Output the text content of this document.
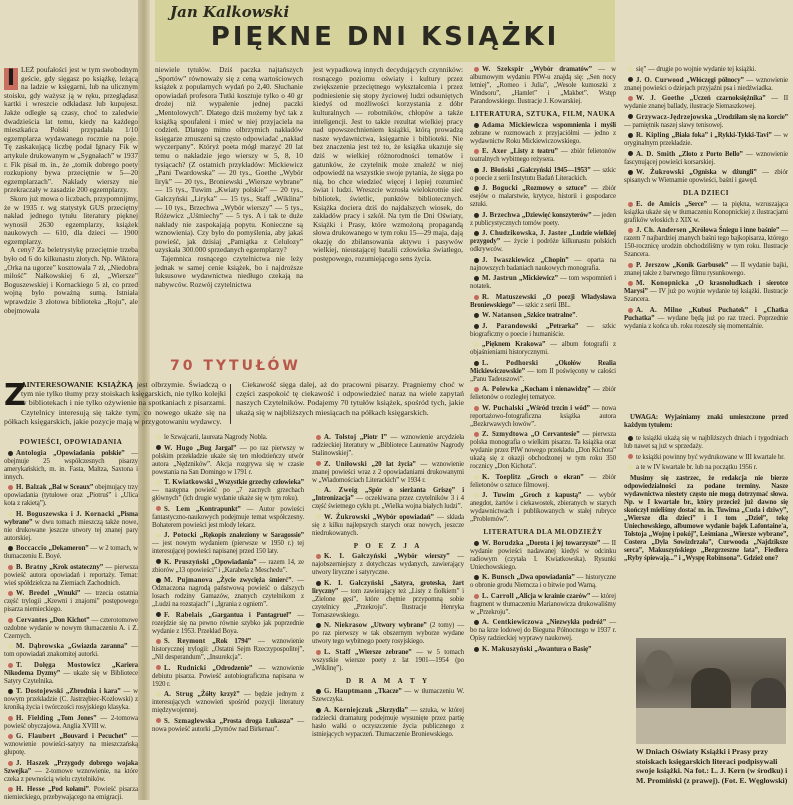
Jan Kalkowski
PIĘKNE DNI KSIĄŻKI
I LEŻ poufałości jest w tym swobodnym geście, gdy sięgasz po książkę, leżącą na ladzie w księgarni, lub na ulicznym stoisku, gdy ważysz ją w ręku, przeglądasz kartki i wreszcie odkładasz lub kupujesz. Jakże odległe są czasy, choć to zaledwie dwadzieścia lat temu, kiedy na każdego mieszkańca Polski przypadała 1/10 egzemplarza wydawanego rocznie na poje. Tę zaskakującą liczbę podał Ignacy Fik w artykule drukowanym w „Sygnałach” w 1937 r. Fik pisał m. in., że „tomik dobrego poety rozkupiony bywa przeciętnie w 5—20 egzemplarzach”. Nakłady wierszy nie przekraczały w zasadzie 200 egzemplarzy.

Skoro już mowa o liczbach, przypomnijmy, że w 1935 r. wg statystyk GUS przeciętny nakład jednego tytułu literatury pięknej wynosił 2630 egzemplarzy, książek naukowych — 610, dla dzieci — 1900 egzemplarzy.

A ceny? Za beletrystykę przeciętnie trzeba było od 6 do kilkunastu złotych. Np. Wiktora „Orka na ugorze” kosztowała 7 zł, „Niedobra miłość” Nałkowskiej 6 zł, „Wiersze” Boguszewskiej i Kornackiego 5 zł, co przed wojną było poważną sumą. Istniała wprawdzie 3 złotowa biblioteka „Roju”, ale obejmowała

niewiele tytułów. Dziś paczka najtańszych „Sportów” równoważy się z ceną wartościowych książek z popularnych wydań po 2,40. Słuchanie opowiadań profesora Tutki kosztuje tylko o 40 gr drożej niż wypalenie jednej paczki „Mentolowych”. Dlatego dziś możemy być tak z książką spoufaleni i mieć w niej przyjaciela na codzień. Dlatego mimo olbrzymich nakładów księgarze zmuszeni są często odpowiadać „nakład wyczerpany”. Któryż poeta mógł marzyć 20 lat temu o nakładzie jego wierszy w 5, 8, 10 tysiącach? (Z ostatnich przykładów: Mickiewicz „Pani Twardowska” — 20 tys., Goethe „Wybór liryk” — 20 tys., Broniewski „Wiersze wybrane” — 15 tys., Tuwim „Kwiaty polskie” — 20 tys., Gałczyński „Liryka” — 15 tys., Staff „Wiklina” — 10 tys., Brzechwa „Wybór wierszy” — 5 tys., Różewicz „Uśmiechy” — 5 tys. A i tak te duże nakłady nie zaspokajają popytu. Konieczne są wznowienia). Czy było do pomyślenia, aby jakaś powieść, jak dzisiaj „Pamiątka z Celulozy” uzyskała 300.000 sprzedanych egzemplarzy?

Tajemnica rosnącego czytelnictwa nie leży jednak w samej cenie książek, bo i najdroższe luksusowe wydawnictwa niedługo czekają na nabywców. Rozwój czytelnictwa

jest wypadkową innych decydujących czynników: rosnącego poziomu oświaty i kultury przez zwiększenie przeciętnego wykształcenia i przez podniesienie się stopy życiowej ludzi odsuniętych kiedyś od możliwości korzystania z dóbr kulturalnych — robotników, chłopów a także inteligencji. Jest to także rezultat wielkiej pracy nad upowszechnieniem książki, którą prowadzą nasze wydawnictwa, księgarnie i biblioteki. Nie bez znaczenia jest też to, że książka ukazuje się dziś w wielkiej różnorodności tematów i gatunków, że czytelnik może znaleźć w niej odpowiedź na wszystkie swoje pytania, że sięga po nią, bo chce wiedzieć więcej i lepiej rozumieć świat i ludzi. Wreszcie wzrosła wielokrotnie sieć bibliotek, świetlic, punktów bibliotecznych. Książka dociera dziś do najdalszych wiosek, do zakładów pracy i szkół. Na tym tle Dni Oświaty, Książki i Prasy, które wzmożoną propagandą słowa drukowanego w tym roku 15—29 maja, dają okazję do zbilansowania aktywu i pasywów wielkiej, nieustającej batalii człowieka światłego, postępowego, rozumiejącego sens życia.

70 TYTUŁÓW
Z
AINTERESOWANIE KSIĄŻKĄ jest olbrzymie. Świadczą o tym nie tylko tłumy przy stoiskach księgarskich, nie tylko kolejki w bibliotekach i nie tylko ożywienie na spotkaniach z pisarzami. Czytelnicy interesują się także tym, co nowego ukaże się na półkach księgarskich, jakie pozycje mają w przygotowaniu wydawcy.

Ciekawość sięga dalej, aż do pracowni pisarzy. Pragniemy choć w części zaspokoić tę ciekawość i odpowiedzieć naraz na wiele zapytań naszych Czytelników. Podajemy 70 tytułów książek, spośród tych, jakie ukażą się w najbliższych miesiącach na półkach księgarskich.

POWIEŚCI, OPOWIADANIA
Antologia „Opowiadania polskie” — obejmuje 25 współczesnych pisarzy amerykańskich, m. in. Fasta, Maltza, Saxtona i innych.
H. Balzak „Bal w Sceaux” obejmujący trzy opowiadania (tytułowe oraz „Piotruś” i „Ulica kota z rakietą”).
H. Boguszewska i J. Kornacki „Pisma wybrane” w dwu tomach mieszczą także nowe, nie drukowane jeszcze utwory tej znanej pary autorskiej.
Boccaccio „Dekameron” — w 2 tomach, w tłumaczeniu E. Boyé.
B. Bratny „Krok ostateczny” — pierwsza powieść autora opowiadań i reportaży. Temat: wieś spółdzielcza na Ziemiach Zachodnich.
W. Bredel „Wnuki” — trzecia ostatnia część trylogii „Krewni i znajomi” postępowego pisarza niemieckiego.
Cervantes „Don Kichot” — czterotomowe ozdobne wydanie w nowym tłumaczeniu A. i Z. Czernych.
M. Dąbrowska „Gwiazda zaranna” — tom opowiadań znakomitej autorki.
T. Dołęga Mostowicz „Kariera Nikodema Dyzmy” — ukaże się w Bibliotece Satyry Czytelnika.
T. Dostojewski „Zbrodnia i kara” — w nowym przekładzie (C. Jastrzębiec-Kozłowski) z kroniką życia i twórczości rosyjskiego klasyka.
H. Fielding „Tom Jones” — 2-tomowa powieść obyczajowa. Anglia XVIII w.
G. Flaubert „Bouvard i Pecuchet” — wznowienie powieści-satyry na mieszczańską głupotę.
J. Haszek „Przygody dobrego wojaka Szwejka” — 2-tomowe wznowienie, na które czeka z pewnością wielu czytelników.
H. Hesse „Pod kołami”. Powieść pisarza niemieckiego, przebywającego na emigracji.
le Szwajcarii, laureata Nagrody Nobla.
W. Hugo „Bug Jargal” — po raz pierwszy w polskim przekładzie ukaże się ten młodzieńczy utwór autora „Nędzników”. Akcja rozgrywa się w czasie powstania na San Domingo w 1791 r.
T. Kwiatkowski „Wszystkie grzechy człowieka” — następna powieść po „7 zacnych grzechach głównych” (ich drugie wydanie ukaże się w tym roku).
S. Lem „Kontrapunkt” — Autor powieści fantastyczno-naukowych podejmuje temat współczesny. Bohaterem powieści jest młody lekarz.
J. Potocki „Rękopis znaleziony w Saragossie” — jest nowym wydaniem (pierwsze w 1950 r.) tej interesującej powieści napisanej przed 150 laty.
K. Pruszyński „Opowiadania” — razem 14, ze zbiorów „13 opowieści” i „Karabela z Meschedu”.
M. Pujmanova „Życie zwycięża śmierć”. — Odznaczona nagrodą państwową powieść o dalszych losach rodziny Gamazów, znanych czytelnikom z „Ludzi na rozstajach” i „Igrania z ogniem”.
F. Rabelais „Gargantua i Pantagruel” — rozejdzie się na pewno równie szybko jak poprzednie wydanie z 1953. Przekład Boya.
S. Reymont „Rok 1794” — wznowienie historycznej trylogii: „Ostatni Sejm Rzeczypospolitej”, „Nil desperandum”, „Insurekcja”.
L. Rudnicki „Odrodzenie” — wznowienie debiutu pisarza. Powieść autobiograficzna napisana w 1920 r.
A. Strug „Żółty krzyż” — będzie jednym z interesujących wznowień spośród pozycji literatury międzywojennej.
S. Szmaglewska „Prosta droga Łukasza” — nowa powieść autorki „Dymów nad Birkenau”.
A. Tołstoj „Piotr I” — wznowienie arcydzieła radzieckiej literatury w „Bibliotece Laureatów Nagrody Stalinowskiej”.
Z. Uniłowski „20 lat życia” — wznowienie znanej powieści wraz z 2 opowiadaniami drukowanymi w „Wiadomościach Literackich” w 1934 r.
A. Zweig „Spór o sierżanta Griszę” i „Intronizacja” — oczekiwana przez czytelników 3 i 4 część świetnego cyklu pt. „Wielka wojna białych ludzi”.
W. Żukrowski „Wybór opowiadań” — składa się z kilku najlepszych starych oraz nowych, jeszcze niedrukowanych.
P O E Z J A
K. I. Gałczyński „Wybór wierszy” — najobszerniejszy z dotychczas wydanych, zawierający utwory liryczne i satyryczne.
K. I. Gałczyński „Satyra, groteska, żart liryczny” — tom zawierający też „Listy z fiołkiem” i „Zielone gęsi”, które chętnie przypomną sobie czytelnicy „Przekroju”. Ilustracje Henryka Tomaszewskiego.
N. Niekrasow „Utwory wybrane” (2 tomy) — po raz pierwszy w tak obszernym wyborze wydane utwory tego wybitnego poety rosyjskiego.
L. Staff „Wiersze zebrane” — w 5 tomach wszystkie wiersze poety z lat 1901—1954 (po „Wiklinę”).
D R A M A T Y
G. Hauptmann „Tkacze” — w tłumaczeniu W. Szewczyka.
A. Korniejczuk „Skrzydła” — sztuka, w której radziecki dramaturg podejmuje wysunięte przez partię hasło walki o oczyszczenie życia publicznego z istniejących wypaczeń. Tłumaczenie Broniewskiego.
W. Szekspir „Wybór dramatów” — w albumowym wydaniu PIW-u znajdą się: „Sen nocy letniej”, „Romeo i Julia”, „Wesołe kumoszki z Windsoru”, „Hamlet” i „Makbet”. Wstęp Parandowskiego. Ilustracje J. Kowarskiej.
LITERATURA, SZTUKA, FILM, NAUKA
Adama Mickiewicza wspomnienia i myśli zebrane w rozmowach z przyjaciółmi — jedno z wydawnictw Roku Mickiewiczowskiego.
E. Axer „Listy z teatru” — zbiór felietonów teatralnych wybitnego reżysera.
J. Błoński „Gałczyński 1945—1953” — szkic o poecie z serii Instytutu Badań Literackich.
J. Bogucki „Rozmowy o sztuce” — zbiór esejów o malarstwie, krytyce, historii i gospodarce sztuki.
J. Brzechwa „Dziewięć konszyterów” — jeden z publicystycznych tomów poety.
J. Chudzikowska, J. Jaster „Ludzie wielkiej przygody” — życie i podróże kilkunastu polskich odkrywców.
J. Iwaszkiewicz „Chopin” — oparta na najnowszych badaniach naukowych monografia.
M. Jastrun „Mickiewicz” — tom wspomnień i notatek.
R. Matuszewski „O poezji Władysława Broniewskiego” — szkic z serii IBL.
W. Natanson „Szkice teatralne”.
J. Parandowski „Petrarka” — szkic biograficzny o poecie i humaniście.
„Pięknem Krakowa” — album fotografii z objaśnieniami historycznymi.
L. Podhorski „Okołów Realia Mickiewiczowskie” — tom II poświęcony w całości „Panu Tadeuszowi”.
A. Polewka „Kocham i nienawidzę” — zbiór felietonów o rozległej tematyce.
W. Puchalski „Wśród trzcin i wód” — nowa reportażowo-fotograficzna książka autora „Bezkrwawych łowów”.
Z. Szmydtowa „O Cervantesie” — pierwsza polska monografia o wielkim pisarzu. Ta książka oraz wydanie przez PIW nowego przekładu „Don Kichota” ukażą się z okazji obchodzonej w tym roku 350 rocznicy „Don Kichota”.
K. Toeplitz „Groch o ekran” — zbiór felietonów o sztuce filmowej.
J. Tuwim „Groch z kapustą” — wybór anegdot, żartów i ciekawostek, zbieranych w starych wydawnictwach i publikowanych w stałej rubryce „Problemów”.
LITERATURA DLA MŁODZIEŻY
W. Borudzka „Dorota i jej towarzysze” — II wydanie powieści nadawanej kiedyś w odcinku radiowym (czytała I. Kwiatkowska). Rysunki Uniechowskiego.
K. Bunsch „Dwa opowiadania” — historyczne o obronie grodu Niemcza i o bitwie pod Warną.
L. Carroll „Alicja w krainie czarów” — której fragment w tłumaczeniu Marianowicza drukowaliśmy w „Przekroju”.
A. Centkiewiczowa „Niezwykła podróż” — bo na krze lodowej do Bieguna Północnego w 1937 r. Opisy radzieckiej wyprawy naukowej.
K. Makuszyński „Awantura o Basię”
się” — drugie po wojnie wydanie tej książki.
J. O. Curwood „Włóczęgi północy” — wznowienie znanej powieści o dziejach przyjaźni psa i niedźwiadka.
W. J. Goethe „Uczeń czarnoksiężnika” — II wydanie znanej ballady, ilustracje Siemaszkowej.
Grzywacz-Jędrzejowska „Urodziłam się na korcie” — pamiętnik naszej sławy tenisowej.
R. Kipling „Biała foka” i „Rykki-Tykki-Tavi” — w oryginalnym przekładzie.
A. D. Smith „Złoto z Porto Bello” — wznowienie fascynującej powieści korsarskiej.
W. Żukrowski „Ogniska w dżungli” — zbiór spisanych w Wietnamie opowieści, baśni i gawęd.
DLA DZIECI
E. de Amicis „Serce” — ta piękna, wzruszająca książka ukaże się w tłumaczeniu Konopnickiej z ilustracjami grafików włoskich z XIX w.
J. Ch. Andersen „Królowa Śniegu i inne baśnie” — razem 7 najbardziej znanych baśni tego bajkopisarza, którego 150-rocznicę urodzin obchodziliśmy w tym roku. Ilustracje Szancera.
P. Jerszow „Konik Garbusek” — II wydanie bajki, znanej także z barwnego filmu rysunkowego.
M. Konopnicka „O krasnoludkach i sierotce Marysi” — IV już po wojnie wydanie tej książki. Ilustracje Szancera.
A. A. Milne „Kubuś Puchatek” i „Chatka Puchatka” — wydane będą już po raz trzeci. Poprzednie wydania z końca ub. roku rozeszły się momentalnie.
UWAGA: Wyjaśniamy znaki umieszczone przed każdym tytułem:
te książki ukażą się w najbliższych dniach i tygodniach lub nawet są już w sprzedaży.
te książki powinny być wydrukowane w III kwartale br.
a te w IV kwartale br. lub na początku 1956 r.

Musimy się zastrzec, że redakcja nie bierze odpowiedzialności za podane terminy. Nasze wydawnictwa niestety często nie mogą dotrzymać słowa. Np. w I kwartale br., który przecież już dawno się skończył mieliśmy dostać m. in. Tuwima „Cuda i dziwy”, „Wiersze dla dzieci” i I tom „Dzieł”, tekę Uniechowskiego, albumowe wydanie bajek Lafontaine'a, Tołstoja „Wojnę i pokój”, Leśmiana „Wiersze wybrane”, Costera „Dyla Sowizdrzała”, Curwooda „Najdziksze serca”, Makuszyńskiego „Bezgrzeszne lata”, Fiedlera „Ryby śpiewają...” i „Wyspę Robinsona”. Gdzież one?

W Dniach Oświaty Książki i Prasy przy stoiskach księgarskich literaci podpisywali swoje książki. Na fot.: L. J. Kern (w środku) i M. Promiński (z prawej). (Fot. E. Węglowski)
